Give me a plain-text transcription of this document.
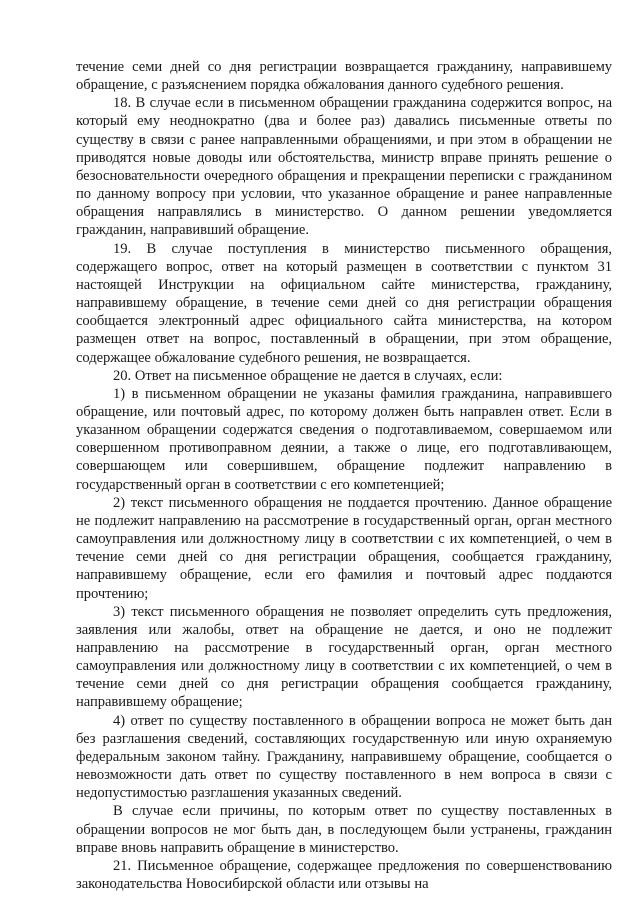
течение семи дней со дня регистрации возвращается гражданину, направившему обращение, с разъяснением порядка обжалования данного судебного решения.

18. В случае если в письменном обращении гражданина содержится вопрос, на который ему неоднократно (два и более раз) давались письменные ответы по существу в связи с ранее направленными обращениями, и при этом в обращении не приводятся новые доводы или обстоятельства, министр вправе принять решение о безосновательности очередного обращения и прекращении переписки с гражданином по данному вопросу при условии, что указанное обращение и ранее направленные обращения направлялись в министерство. О данном решении уведомляется гражданин, направивший обращение.

19. В случае поступления в министерство письменного обращения, содержащего вопрос, ответ на который размещен в соответствии с пунктом 31 настоящей Инструкции на официальном сайте министерства, гражданину, направившему обращение, в течение семи дней со дня регистрации обращения сообщается электронный адрес официального сайта министерства, на котором размещен ответ на вопрос, поставленный в обращении, при этом обращение, содержащее обжалование судебного решения, не возвращается.

20. Ответ на письменное обращение не дается в случаях, если:

1) в письменном обращении не указаны фамилия гражданина, направившего обращение, или почтовый адрес, по которому должен быть направлен ответ. Если в указанном обращении содержатся сведения о подготавливаемом, совершаемом или совершенном противоправном деянии, а также о лице, его подготавливающем, совершающем или совершившем, обращение подлежит направлению в государственный орган в соответствии с его компетенцией;

2) текст письменного обращения не поддается прочтению. Данное обращение не подлежит направлению на рассмотрение в государственный орган, орган местного самоуправления или должностному лицу в соответствии с их компетенцией, о чем в течение семи дней со дня регистрации обращения, сообщается гражданину, направившему обращение, если его фамилия и почтовый адрес поддаются прочтению;

3) текст письменного обращения не позволяет определить суть предложения, заявления или жалобы, ответ на обращение не дается, и оно не подлежит направлению на рассмотрение в государственный орган, орган местного самоуправления или должностному лицу в соответствии с их компетенцией, о чем в течение семи дней со дня регистрации обращения сообщается гражданину, направившему обращение;

4) ответ по существу поставленного в обращении вопроса не может быть дан без разглашения сведений, составляющих государственную или иную охраняемую федеральным законом тайну. Гражданину, направившему обращение, сообщается о невозможности дать ответ по существу поставленного в нем вопроса в связи с недопустимостью разглашения указанных сведений.

В случае если причины, по которым ответ по существу поставленных в обращении вопросов не мог быть дан, в последующем были устранены, гражданин вправе вновь направить обращение в министерство.

21. Письменное обращение, содержащее предложения по совершенствованию законодательства Новосибирской области или отзывы на
